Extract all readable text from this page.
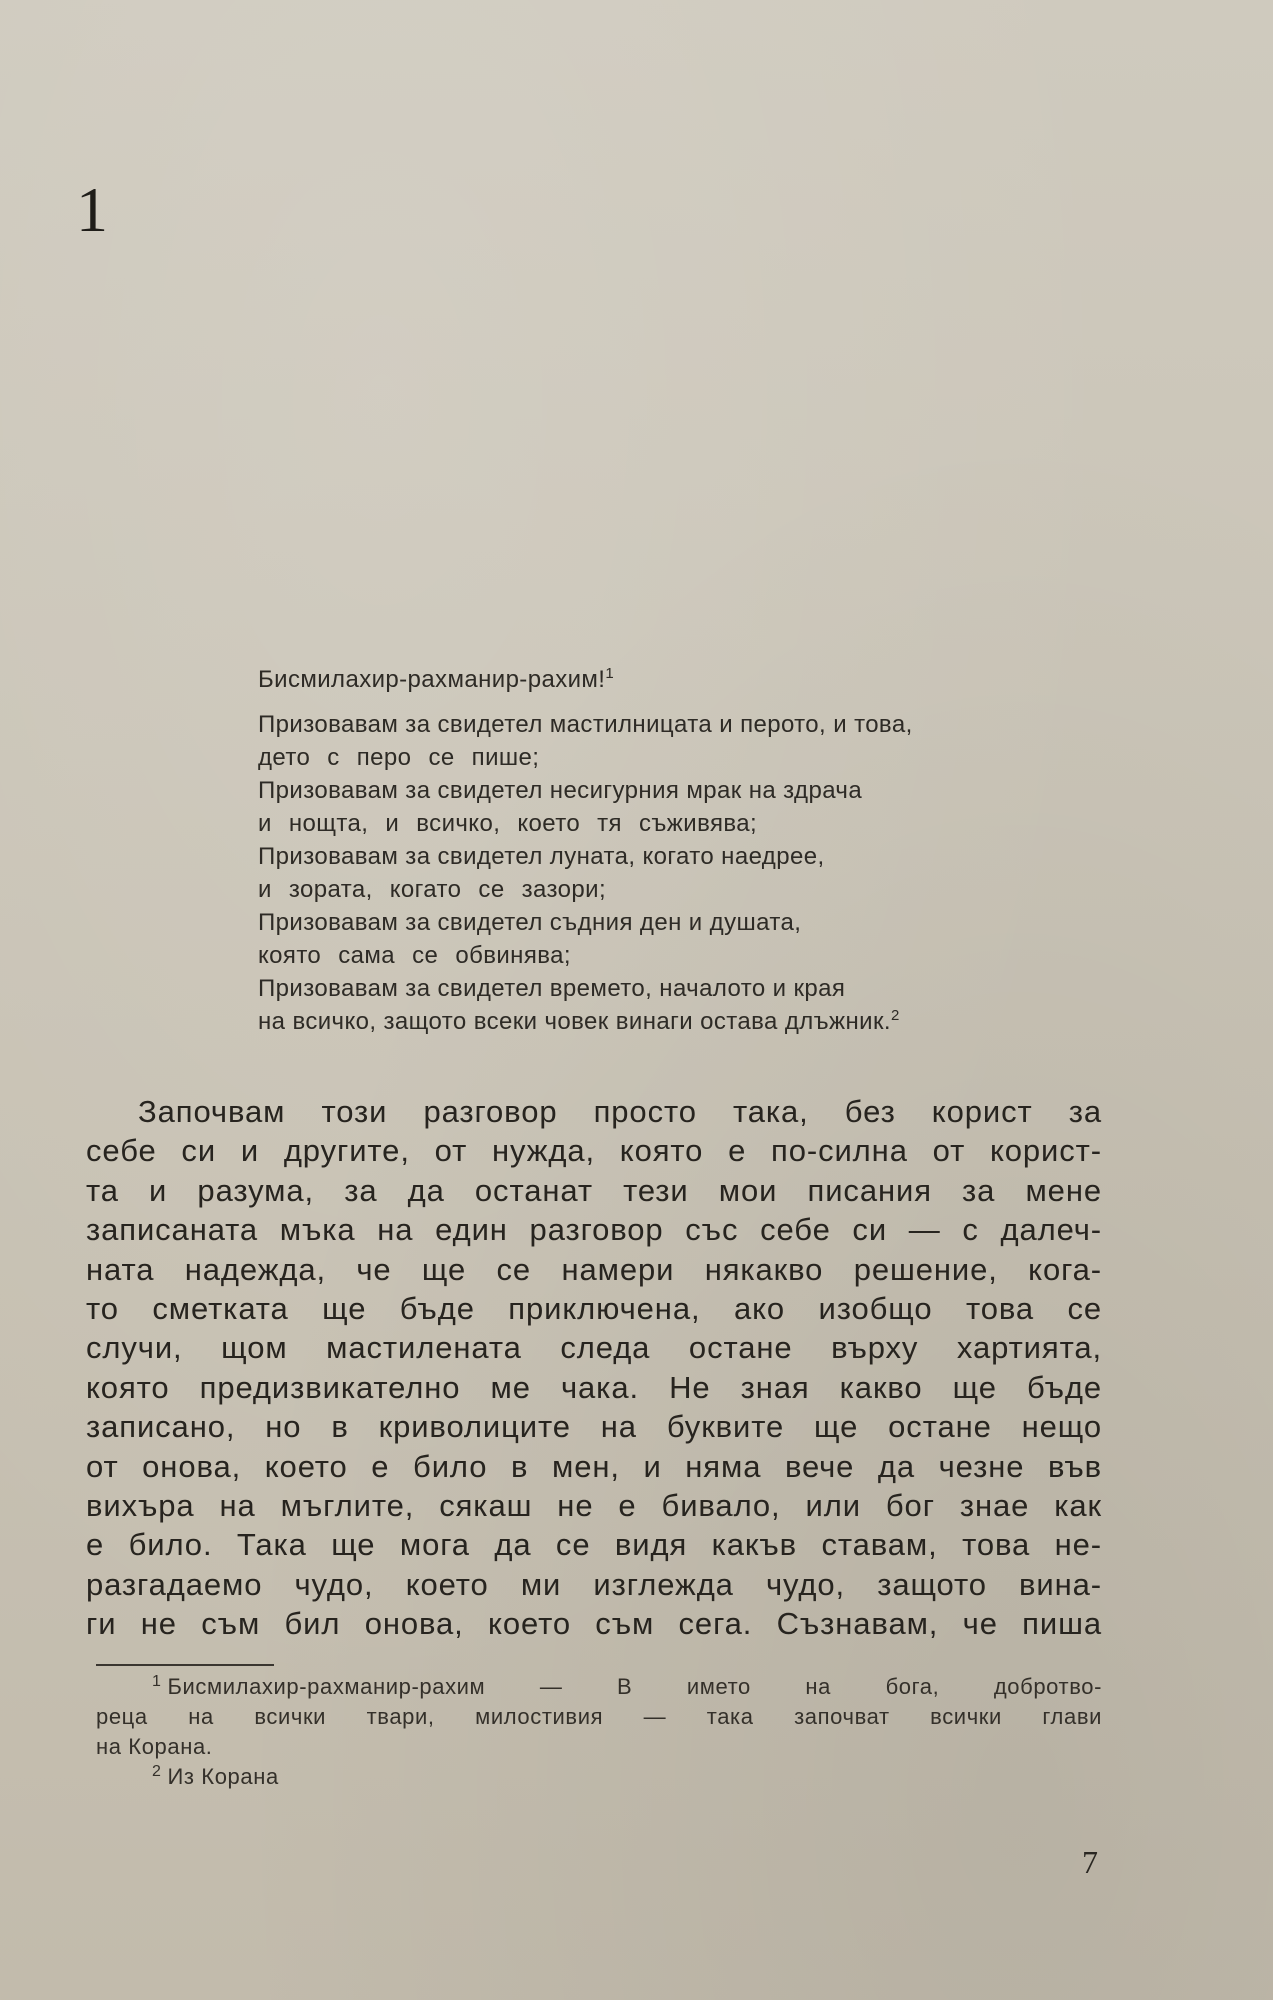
1

Бисмилахир-рахманир-рахим!$^1$

Призовавам за свидетел мастилницата и перото, и това,

дето с перо се пише;

Призовавам за свидетел несигурния мрак на здрача

и нощта, и всичко, което тя съживява;

Призовавам за свидетел луната, когато наедрее,

и зората, когато се зазори;

Призовавам за свидетел съдния ден и душата,

която сама се обвинява;

Призовавам за свидетел времето, началото и края

на всичко, защото всеки човек винаги остава длъжник.$^2$

Започвам този разговор просто така, без корист за
себе си и другите, от нужда, която е по-силна от корист-
та и разума, за да останат тези мои писания за мене
записаната мъка на един разговор със себе си — с далеч-
ната надежда, че ще се намери някакво решение, кога-
то сметката ще бъде приключена, ако изобщо това се
случи, щом мастилената следа остане върху хартията,
която предизвикателно ме чака. Не зная какво ще бъде
записано, но в криволиците на буквите ще остане нещо
от онова, което е било в мен, и няма вече да чезне във
вихъра на мъглите, сякаш не е бивало, или бог знае как
е било. Така ще мога да се видя какъв ставам, това не-
разгадаемо чудо, което ми изглежда чудо, защото вина-
ги не съм бил онова, което съм сега. Съзнавам, че пиша

$^1$ Бисмилахир-рахманир-рахим — В името на бога, добротво-

реца на всички твари, милостивия — така започват всички глави

на Корана.

$^2$ Из Корана

7
